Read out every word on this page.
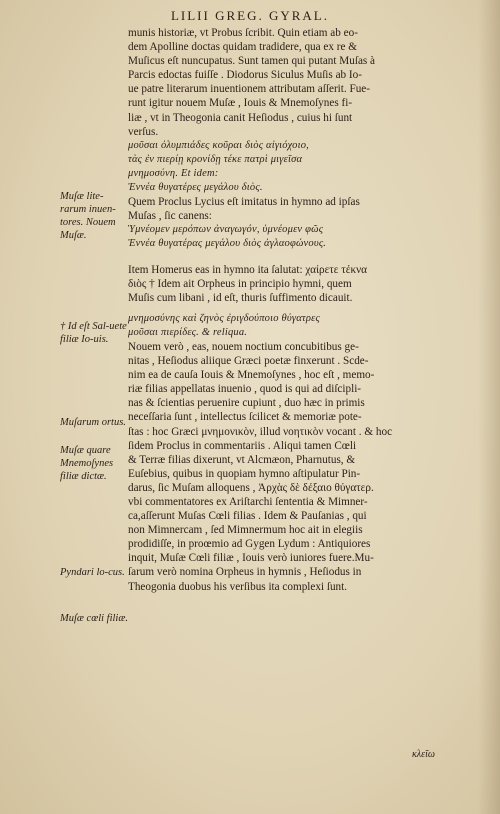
LILII GREG. GYRAL.
munis historiæ, vt Probus ſcribit. Quin etiam ab eo-
dem Apolline doctas quidam tradidere, qua ex re &
Muſicus eſt nuncupatus. Sunt tamen qui putant Muſas à
Parcis edoctas fuiſſe . Diodorus Siculus Muſis ab Io-
ue patre literarum inuentionem attributam aſſerit. Fue-
runt igitur nouem Muſæ , Iouis & Mnemoſynes fi-
liæ , vt in Theogonia canit Heſiodus , cuius hi ſunt
verſus.
μοῦσαι ὀλυμπιάδες κοῦραι διὸς αἰγιόχοιο,
τὰς ἐν πιερίῃ κρονίδῃ τέκε πατρὶ μιγεῖσα
μνημοσύνη. Et idem:
Ἐννέα θυγατέρες μεγάλου διὸς.
Quem Proclus Lycius eſt imitatus in hymno ad ipſas
Muſas , ſic canens:
Ὑμνέομεν μερόπων ἀναγωγόν, ὑμνέομεν φῶς
Ἐννέα θυγατέρας μεγάλου διὸς ἀγλαοφώνους.
Item Homerus eas in hymno ita ſalutat: χαίρετε τέκνα
διὸς † Idem ait Orpheus in principio hymni, quem
Muſis cum libani , id eſt, thuris ſuffimento dicauit.
μνημοσύνης καὶ ζηνὸς ἐριγδούποιο θύγατρες
μοῦσαι πιερίδες. & reliqua.
Nouem verò , eas, nouem noctium concubitibus ge-
nitas , Heſiodus aliique Græci poetæ finxerunt . Scde-
nim ea de cauſa Iouis & Mnemoſynes , hoc eſt , memo-
riæ filias appellatas inuenio , quod is qui ad diſcipli-
nas & ſcientias peruenire cupiunt , duo hæc in primis
neceſſaria ſunt , intellectus ſcilicet & memoriæ pote-
ſtas : hoc Græci μνημονικὸν, illud νοητικὸν vocant . & hoc
ſidem Proclus in commentariis . Aliqui tamen Cœli
& Terræ filias dixerunt, vt Alcmæon, Pharnutus, &
Euſebius, quibus in quopiam hymno aſtipulatur Pin-
darus, ſic Muſam alloquens , Ἀρχὰς δὲ δέξαιο θύγατερ.
vbi commentatores ex Ariſtarchi ſententia & Mimner-
ca,aſſerunt Muſas Cœli filias . Idem & Pauſanias , qui
non Mimnercam , ſed Mimnermum hoc ait in elegiis
prodidiſſe, in proœmio ad Gygen Lydum : Antiquiores
inquit, Muſæ Cœli filiæ , Iouis verò iuniores fuere.Mu-
ſarum verò nomina Orpheus in hymnis , Heſiodus in
Theogonia duobus his verſibus ita complexi ſunt.
Muſæ lite-rarum inuen-tores. Nouem Muſæ.
† Id eſt Sal-uete filiæ Io-uis.
Muſarum ortus.
Muſæ quare Mnemoſynes filiæ dictæ.
Pyndari lo-cus.
Muſæ cœli filiæ.
κλεῖω
